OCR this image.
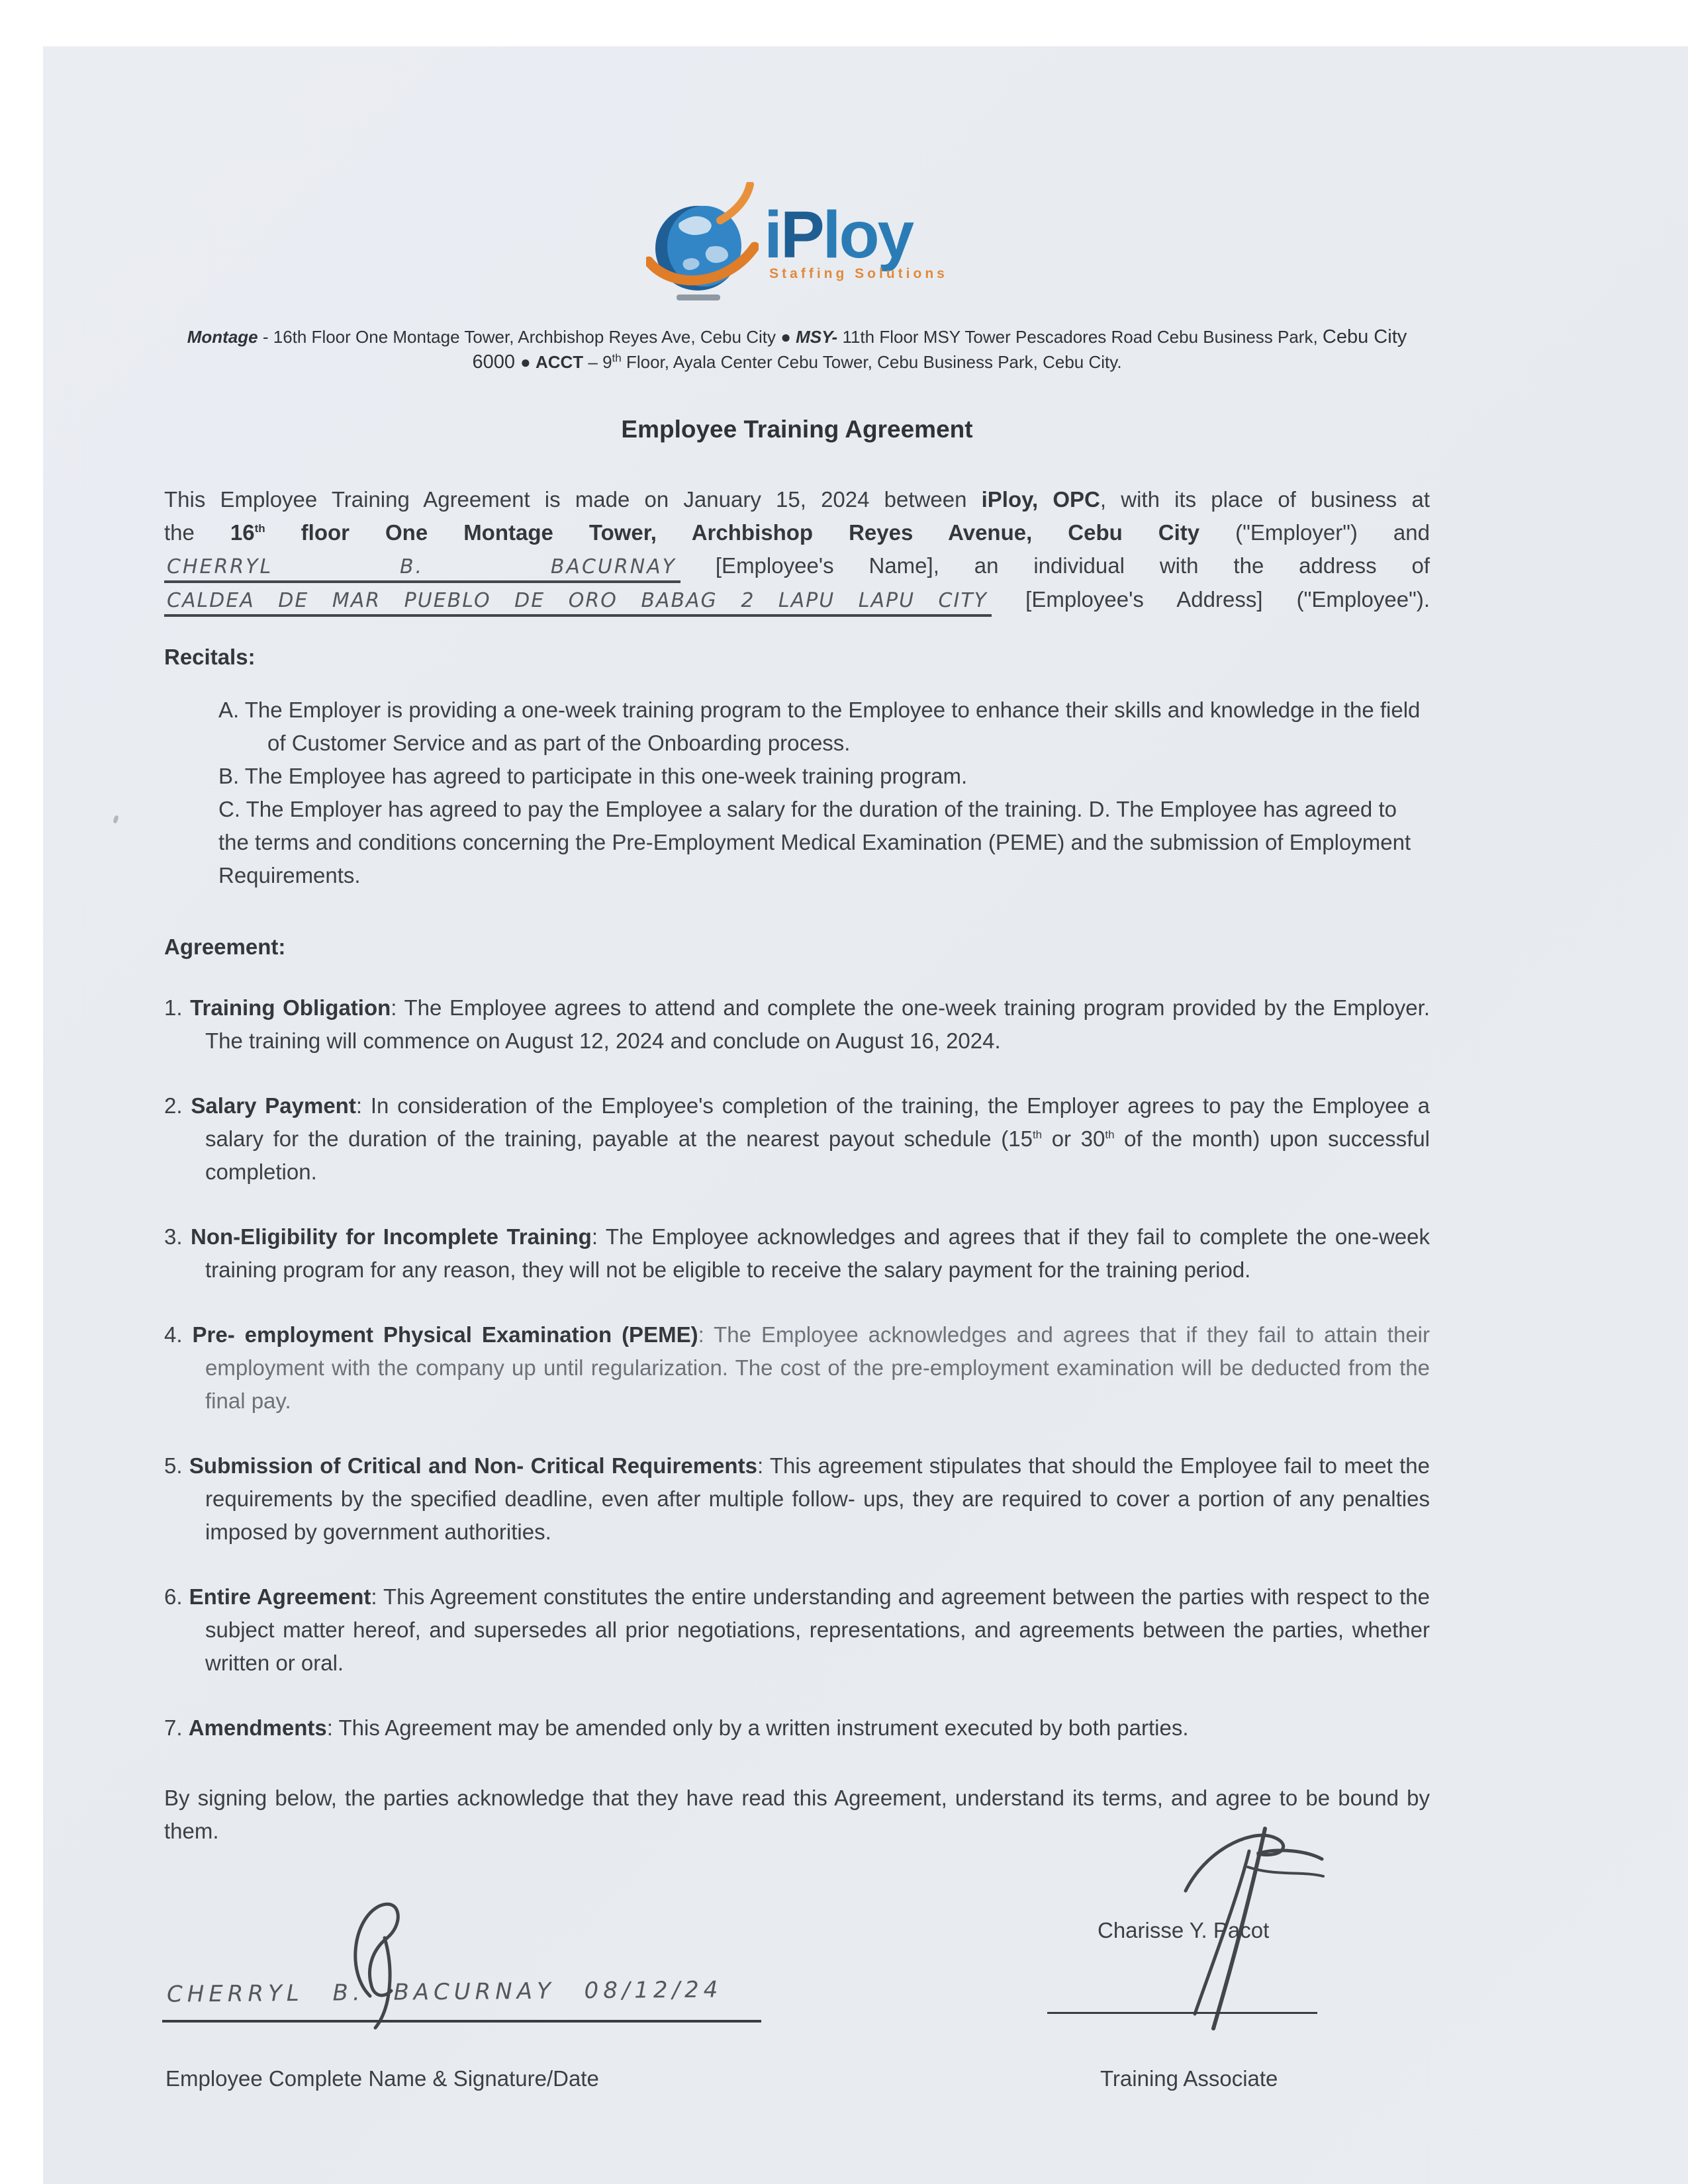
iPloy
Staffing Solutions
Montage - 16th Floor One Montage Tower, Archbishop Reyes Ave, Cebu City ● MSY- 11th Floor MSY Tower Pescadores Road Cebu Business Park, Cebu City
6000 ● ACCT – 9th Floor, Ayala Center Cebu Tower, Cebu Business Park, Cebu City.
Employee Training Agreement
This Employee Training Agreement is made on January 15, 2024 between iPloy, OPC, with its place of business at
the 16th floor One Montage Tower, Archbishop Reyes Avenue, Cebu City ("Employer") and
CHERRYL B. BACURNAY [Employee's Name], an individual with the address of
CALDEA DE MAR PUEBLO DE ORO BABAG 2 LAPU LAPU CITY [Employee's Address] ("Employee").
Recitals:
A. The Employer is providing a one-week training program to the Employee to enhance their skills and knowledge in the field of Customer Service and as part of the Onboarding process.
B. The Employee has agreed to participate in this one-week training program.
C. The Employer has agreed to pay the Employee a salary for the duration of the training. D. The Employee has agreed to the terms and conditions concerning the Pre-Employment Medical Examination (PEME) and the submission of Employment Requirements.
Agreement:
1. Training Obligation: The Employee agrees to attend and complete the one-week training program provided by the Employer. The training will commence on August 12, 2024 and conclude on August 16, 2024.
2. Salary Payment: In consideration of the Employee's completion of the training, the Employer agrees to pay the Employee a salary for the duration of the training, payable at the nearest payout schedule (15th or 30th of the month) upon successful completion.
3. Non-Eligibility for Incomplete Training: The Employee acknowledges and agrees that if they fail to complete the one-week training program for any reason, they will not be eligible to receive the salary payment for the training period.
4. Pre- employment Physical Examination (PEME): The Employee acknowledges and agrees that if they fail to attain their employment with the company up until regularization. The cost of the pre-employment examination will be deducted from the final pay.
5. Submission of Critical and Non- Critical Requirements: This agreement stipulates that should the Employee fail to meet the requirements by the specified deadline, even after multiple follow- ups, they are required to cover a portion of any penalties imposed by government authorities.
6. Entire Agreement: This Agreement constitutes the entire understanding and agreement between the parties with respect to the subject matter hereof, and supersedes all prior negotiations, representations, and agreements between the parties, whether written or oral.
7. Amendments: This Agreement may be amended only by a written instrument executed by both parties.
By signing below, the parties acknowledge that they have read this Agreement, understand its terms, and agree to be bound by them.
CHERRYL B. BACURNAY 08/12/24
Employee Complete Name & Signature/Date
Charisse Y. Pacot
Training Associate
